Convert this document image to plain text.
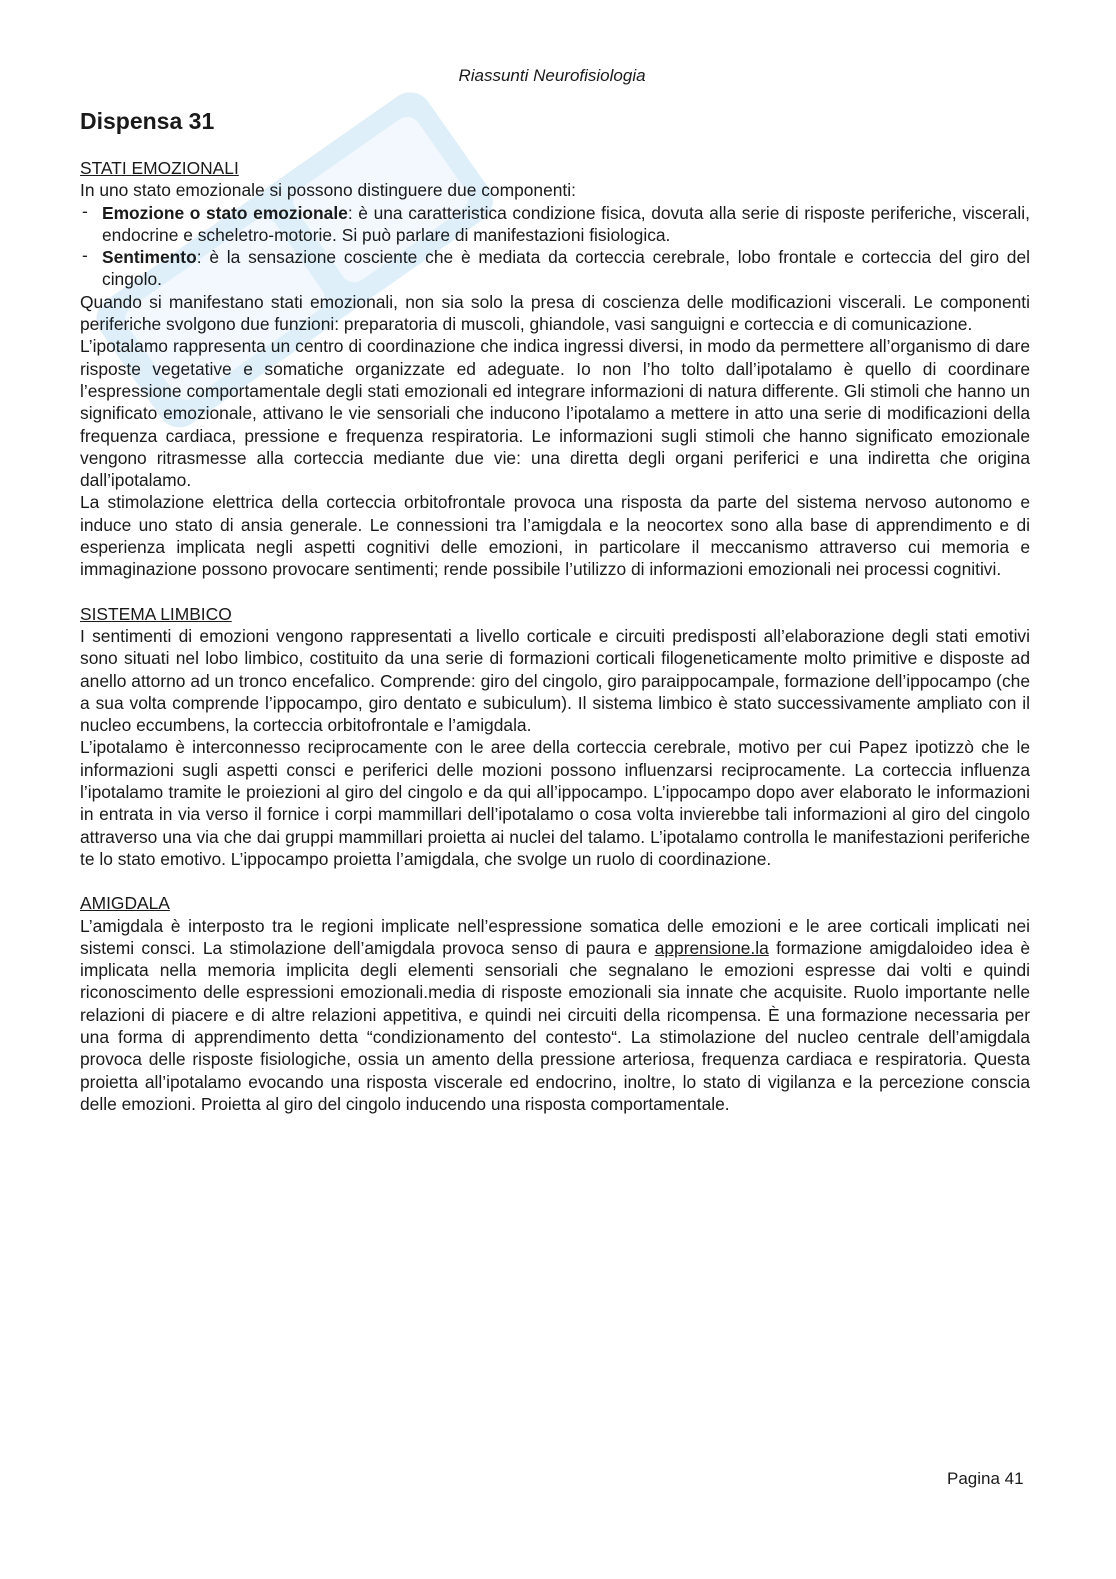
Riassunti Neurofisiologia
Dispensa 31

STATI EMOZIONALI

In uno stato emozionale si possono distinguere due componenti:

- Emozione o stato emozionale: è una caratteristica condizione fisica, dovuta alla serie di risposte periferiche, viscerali, endocrine e scheletro-motorie. Si può parlare di manifestazioni fisiologica.
- Sentimento: è la sensazione cosciente che è mediata da corteccia cerebrale, lobo frontale e corteccia del giro del cingolo.

Quando si manifestano stati emozionali, non sia solo la presa di coscienza delle modificazioni viscerali. Le componenti periferiche svolgono due funzioni: preparatoria di muscoli, ghiandole, vasi sanguigni e corteccia e di comunicazione.

L’ipotalamo rappresenta un centro di coordinazione che indica ingressi diversi, in modo da permettere all’organismo di dare risposte vegetative e somatiche organizzate ed adeguate. Io non l’ho tolto dall’ipotalamo è quello di coordinare l’espressione comportamentale degli stati emozionali ed integrare informazioni di natura differente. Gli stimoli che hanno un significato emozionale, attivano le vie sensoriali che inducono l’ipotalamo a mettere in atto una serie di modificazioni della frequenza cardiaca, pressione e frequenza respiratoria. Le informazioni sugli stimoli che hanno significato emozionale vengono ritrasmesse alla corteccia mediante due vie: una diretta degli organi periferici e una indiretta che origina dall’ipotalamo.

La stimolazione elettrica della corteccia orbitofrontale provoca una risposta da parte del sistema nervoso autonomo e induce uno stato di ansia generale. Le connessioni tra l’amigdala e la neocortex sono alla base di apprendimento e di esperienza implicata negli aspetti cognitivi delle emozioni, in particolare il meccanismo attraverso cui memoria e immaginazione possono provocare sentimenti; rende possibile l’utilizzo di informazioni emozionali nei processi cognitivi.

SISTEMA LIMBICO

I sentimenti di emozioni vengono rappresentati a livello corticale e circuiti predisposti all’elaborazione degli stati emotivi sono situati nel lobo limbico, costituito da una serie di formazioni corticali filogeneticamente molto primitive e disposte ad anello attorno ad un tronco encefalico. Comprende: giro del cingolo, giro paraippocampale, formazione dell’ippocampo (che a sua volta comprende l’ippocampo, giro dentato e subiculum). Il sistema limbico è stato successivamente ampliato con il nucleo eccumbens, la corteccia orbitofrontale e l’amigdala.

L’ipotalamo è interconnesso reciprocamente con le aree della corteccia cerebrale, motivo per cui Papez ipotizzò che le informazioni sugli aspetti consci e periferici delle mozioni possono influenzarsi reciprocamente. La corteccia influenza l’ipotalamo tramite le proiezioni al giro del cingolo e da qui all’ippocampo. L’ippocampo dopo aver elaborato le informazioni in entrata in via verso il fornice i corpi mammillari dell’ipotalamo o cosa volta invierebbe tali informazioni al giro del cingolo attraverso una via che dai gruppi mammillari proietta ai nuclei del talamo. L’ipotalamo controlla le manifestazioni periferiche te lo stato emotivo. L’ippocampo proietta l’amigdala, che svolge un ruolo di coordinazione.

AMIGDALA

L’amigdala è interposto tra le regioni implicate nell’espressione somatica delle emozioni e le aree corticali implicati nei sistemi consci. La stimolazione dell’amigdala provoca senso di paura e apprensione.la formazione amigdaloideo idea è implicata nella memoria implicita degli elementi sensoriali che segnalano le emozioni espresse dai volti e quindi riconoscimento delle espressioni emozionali.media di risposte emozionali sia innate che acquisite. Ruolo importante nelle relazioni di piacere e di altre relazioni appetitiva, e quindi nei circuiti della ricompensa. È una formazione necessaria per una forma di apprendimento detta “condizionamento del contesto“. La stimolazione del nucleo centrale dell’amigdala provoca delle risposte fisiologiche, ossia un amento della pressione arteriosa, frequenza cardiaca e respiratoria. Questa proietta all’ipotalamo evocando una risposta viscerale ed endocrino, inoltre, lo stato di vigilanza e la percezione conscia delle emozioni. Proietta al giro del cingolo inducendo una risposta comportamentale.

Pagina 41
